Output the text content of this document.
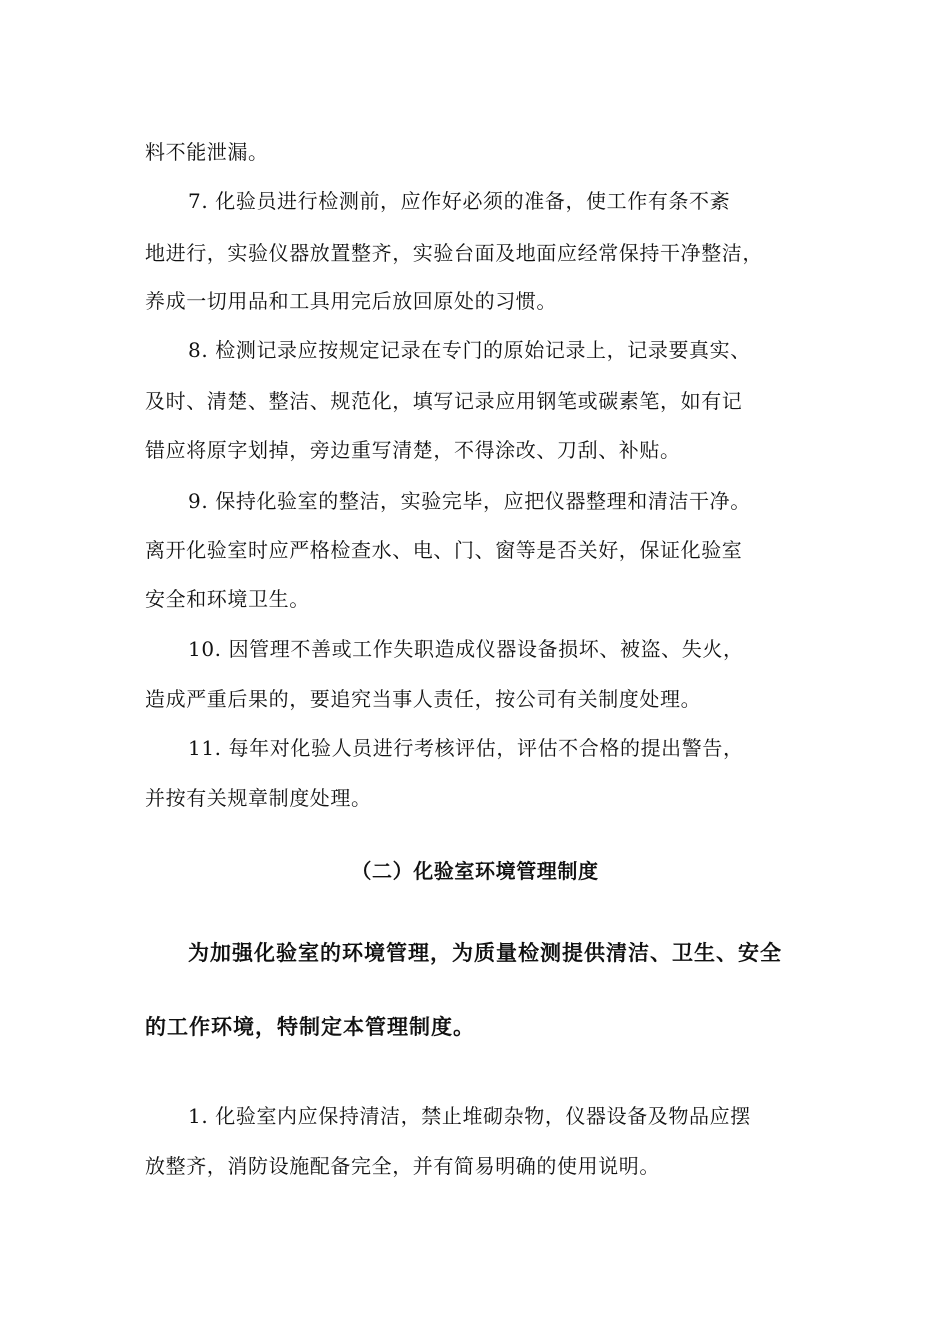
料不能泄漏。
7. 化验员进行检测前，应作好必须的准备，使工作有条不紊
地进行，实验仪器放置整齐，实验台面及地面应经常保持干净整洁，
养成一切用品和工具用完后放回原处的习惯。
8. 检测记录应按规定记录在专门的原始记录上，记录要真实、
及时、清楚、整洁、规范化，填写记录应用钢笔或碳素笔，如有记
错应将原字划掉，旁边重写清楚，不得涂改、刀刮、补贴。
9. 保持化验室的整洁，实验完毕，应把仪器整理和清洁干净。
离开化验室时应严格检查水、电、门、窗等是否关好，保证化验室
安全和环境卫生。
10. 因管理不善或工作失职造成仪器设备损坏、被盗、失火，
造成严重后果的，要追究当事人责任，按公司有关制度处理。
11. 每年对化验人员进行考核评估，评估不合格的提出警告，
并按有关规章制度处理。
（二）化验室环境管理制度
为加强化验室的环境管理，为质量检测提供清洁、卫生、安全
的工作环境，特制定本管理制度。
1. 化验室内应保持清洁，禁止堆砌杂物，仪器设备及物品应摆
放整齐，消防设施配备完全，并有简易明确的使用说明。
